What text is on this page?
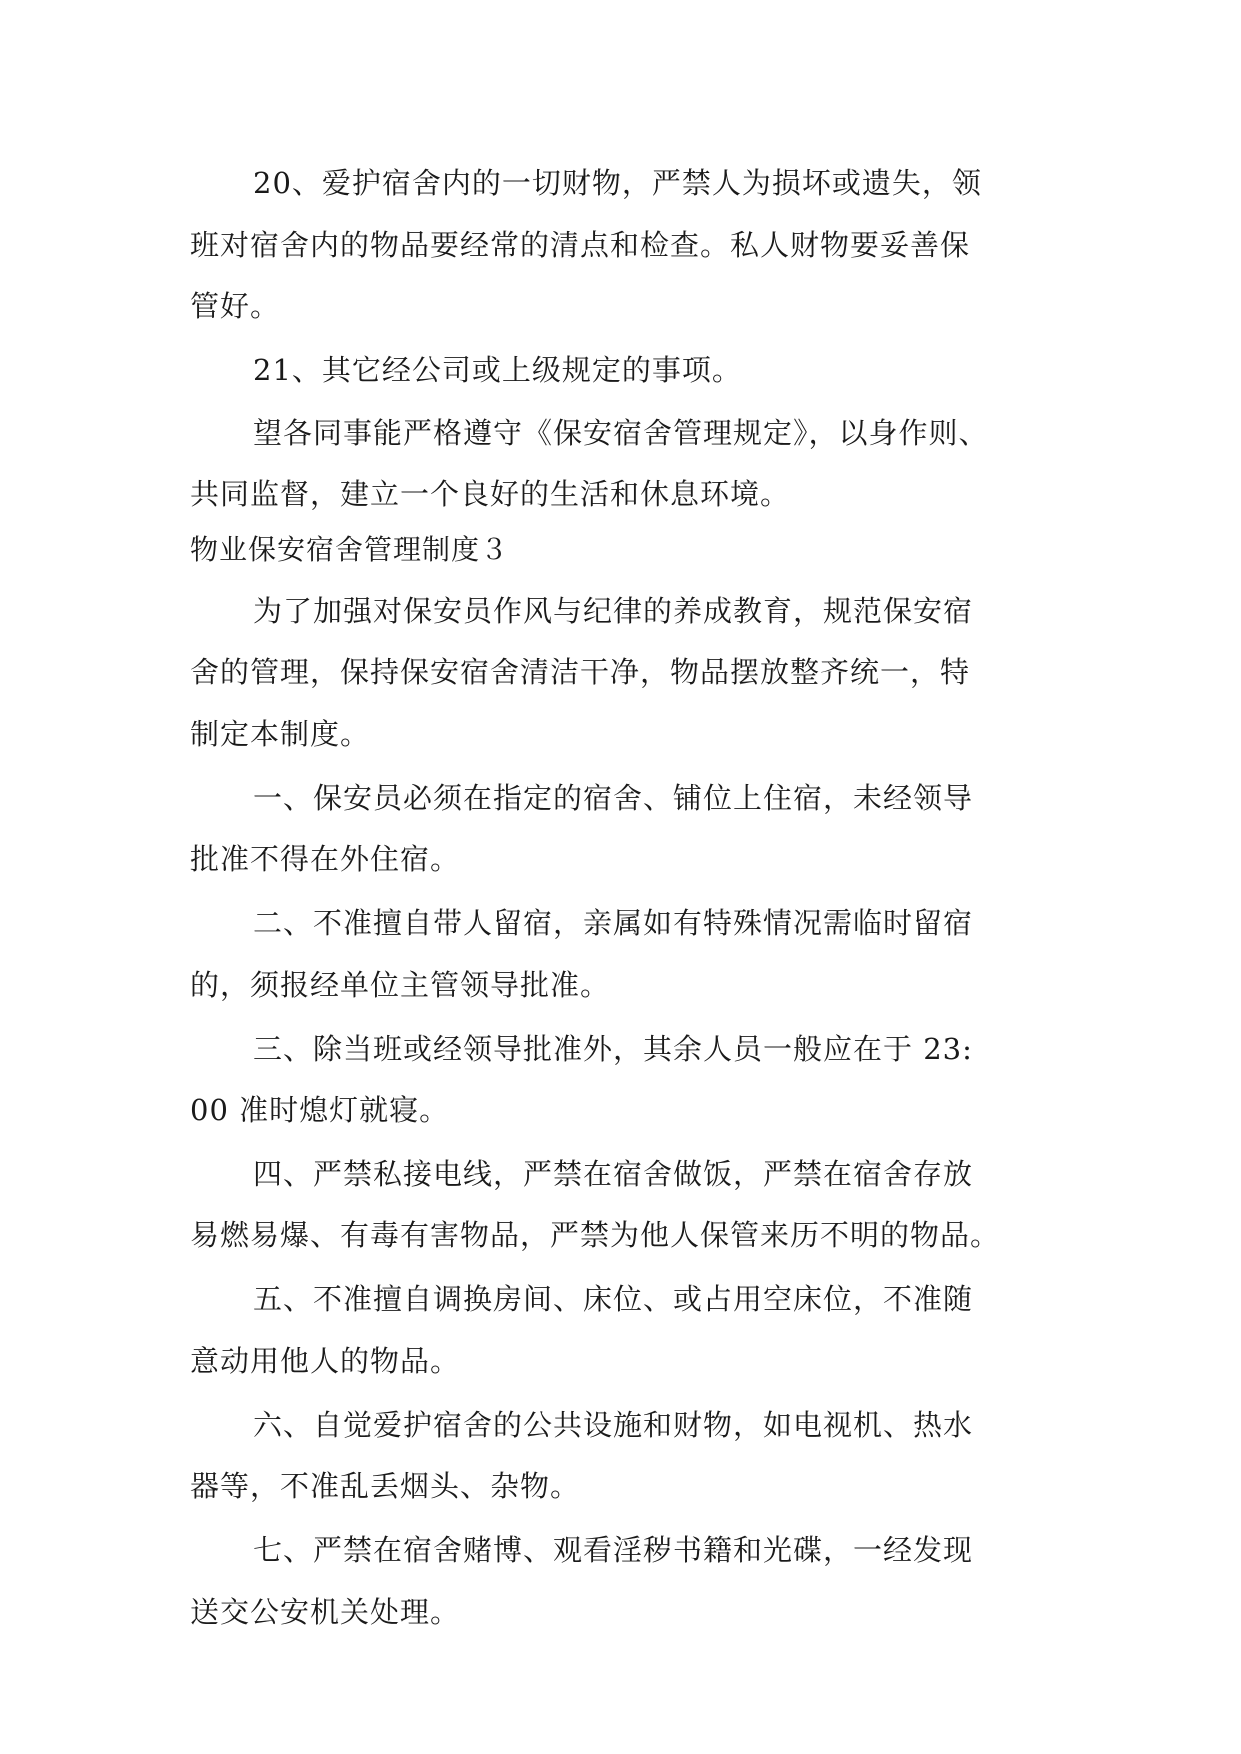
20、爱护宿舍内的一切财物，严禁人为损坏或遗失，领
班对宿舍内的物品要经常的清点和检查。私人财物要妥善保
管好。
21、其它经公司或上级规定的事项。
望各同事能严格遵守《保安宿舍管理规定》，以身作则、
共同监督，建立一个良好的生活和休息环境。
物业保安宿舍管理制度３
为了加强对保安员作风与纪律的养成教育，规范保安宿
舍的管理，保持保安宿舍清洁干净，物品摆放整齐统一，特
制定本制度。
一、保安员必须在指定的宿舍、铺位上住宿，未经领导
批准不得在外住宿。
二、不准擅自带人留宿，亲属如有特殊情况需临时留宿
的，须报经单位主管领导批准。
三、除当班或经领导批准外，其余人员一般应在于 23:
00 准时熄灯就寝。
四、严禁私接电线，严禁在宿舍做饭，严禁在宿舍存放
易燃易爆、有毒有害物品，严禁为他人保管来历不明的物品。
五、不准擅自调换房间、床位、或占用空床位，不准随
意动用他人的物品。
六、自觉爱护宿舍的公共设施和财物，如电视机、热水
器等，不准乱丢烟头、杂物。
七、严禁在宿舍赌博、观看淫秽书籍和光碟，一经发现
送交公安机关处理。
